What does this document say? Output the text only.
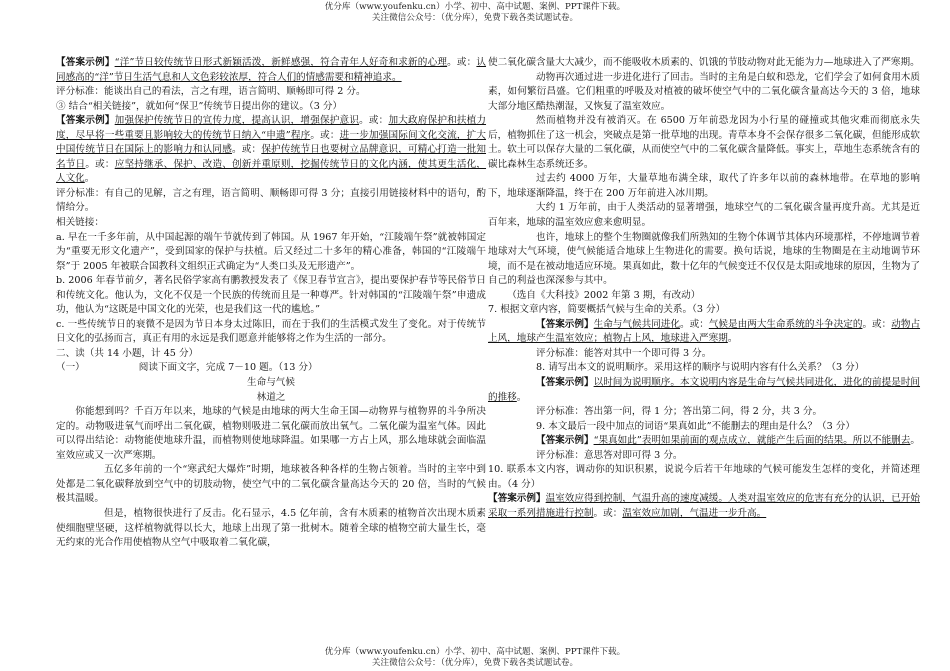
优分库（www.youfenku.cn）小学、初中、高中试题、案例、PPT课件下载。
关注微信公众号：（优分库），免费下载各类试题试卷。

【答案示例】“洋”节日较传统节日形式新颖活泼，新鲜感强，符合青年人好奇和求新的心理。或：认同感高的“洋”节日生活气息和人文色彩较浓厚，符合人们的情感需要和精神追求。

评分标准：能谈出自己的看法，言之有理，语言简明、顺畅即可得 2 分。

③ 结合“相关链接”，就如何“保卫”传统节日提出你的建议。（3 分）

【答案示例】加强保护传统节日的宣传力度，提高认识，增强保护意识。或：加大政府保护和扶植力度，尽早将一些重要且影响较大的传统节日纳入“申遗”程序。或：进一步加强国际间文化交流，扩大中国传统节日在国际上的影响力和认同感。或：保护传统节日也要树立品牌意识，可精心打造一批知名节日。或：应坚持继承、保护、改造、创新并重原则，挖掘传统节日的文化内涵，使其更生活化，人文化。

评分标准：有自己的见解，言之有理，语言简明、顺畅即可得 3 分；直接引用链接材料中的语句，酌情给分。

相关链接：

a. 早在一千多年前，从中国起源的端午节就传到了韩国。从 1967 年开始，“江陵端午祭”就被韩国定为“重要无形文化遗产”，受到国家的保护与扶植。后又经过二十多年的精心准备，韩国的“江陵端午祭”于 2005 年被联合国教科文组织正式确定为“人类口头及无形遗产”。

b. 2006 年春节前夕，著名民俗学家高有鹏教授发表了《保卫春节宣言》，提出要保护春节等民俗节日和传统文化。他认为，文化不仅是一个民族的传统而且是一种尊严。针对韩国的“江陵端午祭”申遗成功，他认为“这既是中国文化的光荣，也是我们这一代的尴尬。”

c. 一些传统节日的衰微不是因为节日本身太过陈旧，而在于我们的生活模式发生了变化。对于传统节日文化的弘扬而言，真正有用的永远是我们愿意并能够将之作为生活的一部分。

二、读（共 14 小题，计 45 分）

（一）	阅读下面文字，完成 7－10 题。（13 分）

生命与气候

林道之

你能想到吗？千百万年以来，地球的气候是由地球的两大生命王国—动物界与植物界的斗争所决定的。动物吸进氧气而呼出二氧化碳，植物则吸进二氧化碳而放出氧气。二氧化碳为温室气体。因此可以得出结论：动物能使地球升温，而植物则使地球降温。如果哪一方占上风，那么地球就会面临温室效应或又一次严寒期。

五亿多年前的一个“寒武纪大爆炸”时期，地球被各种各样的生物占领着。当时的主宰中到处都是二氧化碳释放到空气中的切肢动物，使空气中的二氧化碳含量高达今天的 20 倍，当时的气候极其温暖。

但是，植物很快进行了反击。化石显示，4.5 亿年前，含有木质素的植物首次出现木质素使细胞壁坚硬，这样植物就得以长大，地球上出现了第一批树木。随着全球的植物空前大量生长，毫无约束的光合作用使植物从空气中吸取着二氧化碳，

使二氧化碳含量大大减少，而不能吸收木质素的、饥饿的节肢动物对此无能为力—地球进入了严寒期。

动物再次通过进一步进化进行了回击。当时的主角是白蚁和恐龙，它们学会了如何食用木质素，如何繁衍昌盛。它们粗重的呼吸及对植被的破坏使空气中的二氧化碳含量高达今天的 3 倍，地球大部分地区酷热潮湿，又恢复了温室效应。

然而植物并没有被消灭。在 6500 万年前恐龙因为小行星的碰撞或其他灾难而彻底永失后，植物抓住了这一机会，突破点是第一批草地的出现。青草本身不会保存很多二氧化碳，但能形成软土。软土可以保存大量的二氧化碳，从而使空气中的二氧化碳含量降低。事实上，草地生态系统含有的碳比森林生态系统还多。

过去约 4000 万年，大量草地布满全球，取代了许多年以前的森林地带。在草地的影响下，地球逐渐降温，终于在 200 万年前进入冰川期。

大约 1 万年前，由于人类活动的显著增强，地球空气的二氧化碳含量再度升高。尤其是近百年来，地球的温室效应愈来愈明显。

也许，地球上的整个生物圈就像我们所熟知的生物个体调节其体内环境那样，不停地调节着地球对大气环境，使气候能适合地球上生物进化的需要。换句话说，地球的生物圈是在主动地调节环境，而不是在被动地适应环境。果真如此，数十亿年的气候变迁不仅仅是太阳或地球的原因，生物为了自己的利益也深深参与其中。

（选自《大科技》2002 年第 3 期，有改动）

7. 根据文章内容，简要概括气候与生命的关系。（3 分）

【答案示例】生命与气候共同进化。或：气候是由两大生命系统的斗争决定的。或：动物占上风，地球产生温室效应；植物占上风，地球进入严寒期。

评分标准：能答对其中一个即可得 3 分。

8. 请写出本文的说明顺序。采用这样的顺序与说明内容有什么关系？（3 分）

【答案示例】以时间为说明顺序。本文说明内容是生命与气候共同进化，进化的前提是时间的推移。

评分标准：答出第一问，得 1 分；答出第二问，得 2 分，共 3 分。

9. 本文最后一段中加点的词语“果真如此”不能删去的理由是什么？（3 分）

【答案示例】“果真如此”表明如果前面的观点成立，就能产生后面的结果。所以不能删去。

评分标准：意思答对即可得 3 分。

10. 联系本文内容，调动你的知识积累，说说今后若干年地球的气候可能发生怎样的变化，并简述理由。（4 分）

【答案示例】温室效应得到控制，气温升高的速度减缓。人类对温室效应的危害有充分的认识，已开始采取一系列措施进行控制。或：温室效应加剧，气温进一步升高。

优分库（www.youfenku.cn）小学、初中、高中试题、案例、PPT课件下载。
关注微信公众号：（优分库），免费下载各类试题试卷。
